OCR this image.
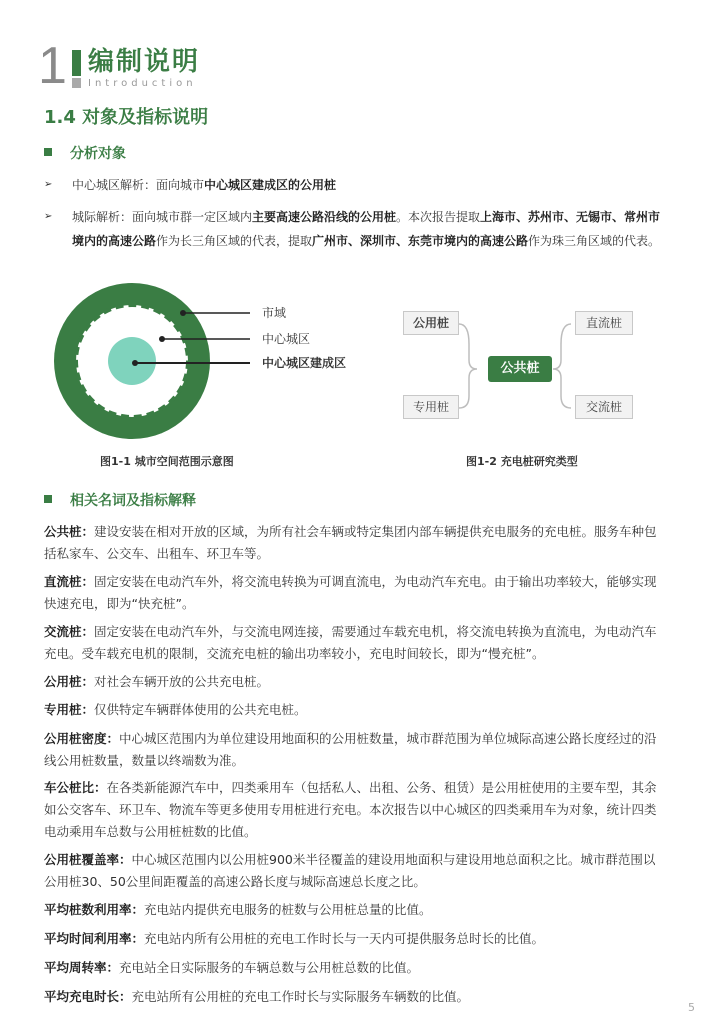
1 编制说明
Introduction
1.4 对象及指标说明
分析对象
➢ 中心城区解析：面向城市中心城区建成区的公用桩
➢ 城际解析：面向城市群一定区域内主要高速公路沿线的公用桩。本次报告提取上海市、苏州市、无锡市、常州市境内的高速公路作为长三角区域的代表，提取广州市、深圳市、东莞市境内的高速公路作为珠三角区域的代表。
市域
中心城区
中心城区建成区
图1-1 城市空间范围示意图
公用桩
专用桩
公共桩
直流桩
交流桩
图1-2 充电桩研究类型
相关名词及指标解释
公共桩：建设安装在相对开放的区域，为所有社会车辆或特定集团内部车辆提供充电服务的充电桩。服务车种包括私家车、公交车、出租车、环卫车等。
直流桩：固定安装在电动汽车外，将交流电转换为可调直流电，为电动汽车充电。由于输出功率较大，能够实现快速充电，即为“快充桩”。
交流桩：固定安装在电动汽车外，与交流电网连接，需要通过车载充电机，将交流电转换为直流电，为电动汽车充电。受车载充电机的限制，交流充电桩的输出功率较小，充电时间较长，即为“慢充桩”。
公用桩：对社会车辆开放的公共充电桩。
专用桩：仅供特定车辆群体使用的公共充电桩。
公用桩密度：中心城区范围内为单位建设用地面积的公用桩数量，城市群范围为单位城际高速公路长度经过的沿线公用桩数量，数量以终端数为准。
车公桩比：在各类新能源汽车中，四类乘用车（包括私人、出租、公务、租赁）是公用桩使用的主要车型，其余如公交客车、环卫车、物流车等更多使用专用桩进行充电。本次报告以中心城区的四类乘用车为对象，统计四类电动乘用车总数与公用桩桩数的比值。
公用桩覆盖率：中心城区范围内以公用桩900米半径覆盖的建设用地面积与建设用地总面积之比。城市群范围以公用桩30、50公里间距覆盖的高速公路长度与城际高速总长度之比。
平均桩数利用率：充电站内提供充电服务的桩数与公用桩总量的比值。
平均时间利用率：充电站内所有公用桩的充电工作时长与一天内可提供服务总时长的比值。
平均周转率：充电站全日实际服务的车辆总数与公用桩总数的比值。
平均充电时长：充电站所有公用桩的充电工作时长与实际服务车辆数的比值。
5
